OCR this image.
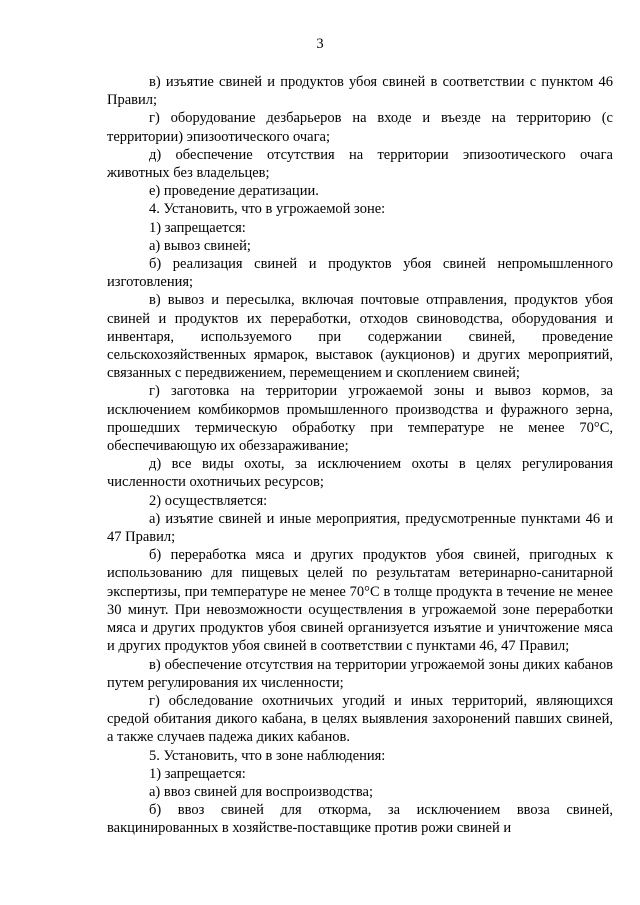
3

в) изъятие свиней и продуктов убоя свиней в соответствии с пунктом 46 Правил;

г) оборудование дезбарьеров на входе и въезде на территорию (с территории) эпизоотического очага;

д) обеспечение отсутствия на территории эпизоотического очага животных без владельцев;

е) проведение дератизации.

4. Установить, что в угрожаемой зоне:

1) запрещается:

а) вывоз свиней;

б) реализация свиней и продуктов убоя свиней непромышленного изготовления;

в) вывоз и пересылка, включая почтовые отправления, продуктов убоя свиней и продуктов их переработки, отходов свиноводства, оборудования и инвентаря, используемого при содержании свиней, проведение сельскохозяйственных ярмарок, выставок (аукционов) и других мероприятий, связанных с передвижением, перемещением и скоплением свиней;

г) заготовка на территории угрожаемой зоны и вывоз кормов, за исключением комбикормов промышленного производства и фуражного зерна, прошедших термическую обработку при температуре не менее 70°С, обеспечивающую их обеззараживание;

д) все виды охоты, за исключением охоты в целях регулирования численности охотничьих ресурсов;

2) осуществляется:

а) изъятие свиней и иные мероприятия, предусмотренные пунктами 46 и 47 Правил;

б) переработка мяса и других продуктов убоя свиней, пригодных к использованию для пищевых целей по результатам ветеринарно-санитарной экспертизы, при температуре не менее 70°С в толще продукта в течение не менее 30 минут. При невозможности осуществления в угрожаемой зоне переработки мяса и других продуктов убоя свиней организуется изъятие и уничтожение мяса и других продуктов убоя свиней в соответствии с пунктами 46, 47 Правил;

в) обеспечение отсутствия на территории угрожаемой зоны диких кабанов путем регулирования их численности;

г) обследование охотничьих угодий и иных территорий, являющихся средой обитания дикого кабана, в целях выявления захоронений павших свиней, а также случаев падежа диких кабанов.

5. Установить, что в зоне наблюдения:

1) запрещается:

а) ввоз свиней для воспроизводства;

б) ввоз свиней для откорма, за исключением ввоза свиней, вакцинированных в хозяйстве-поставщике против рожи свиней и
